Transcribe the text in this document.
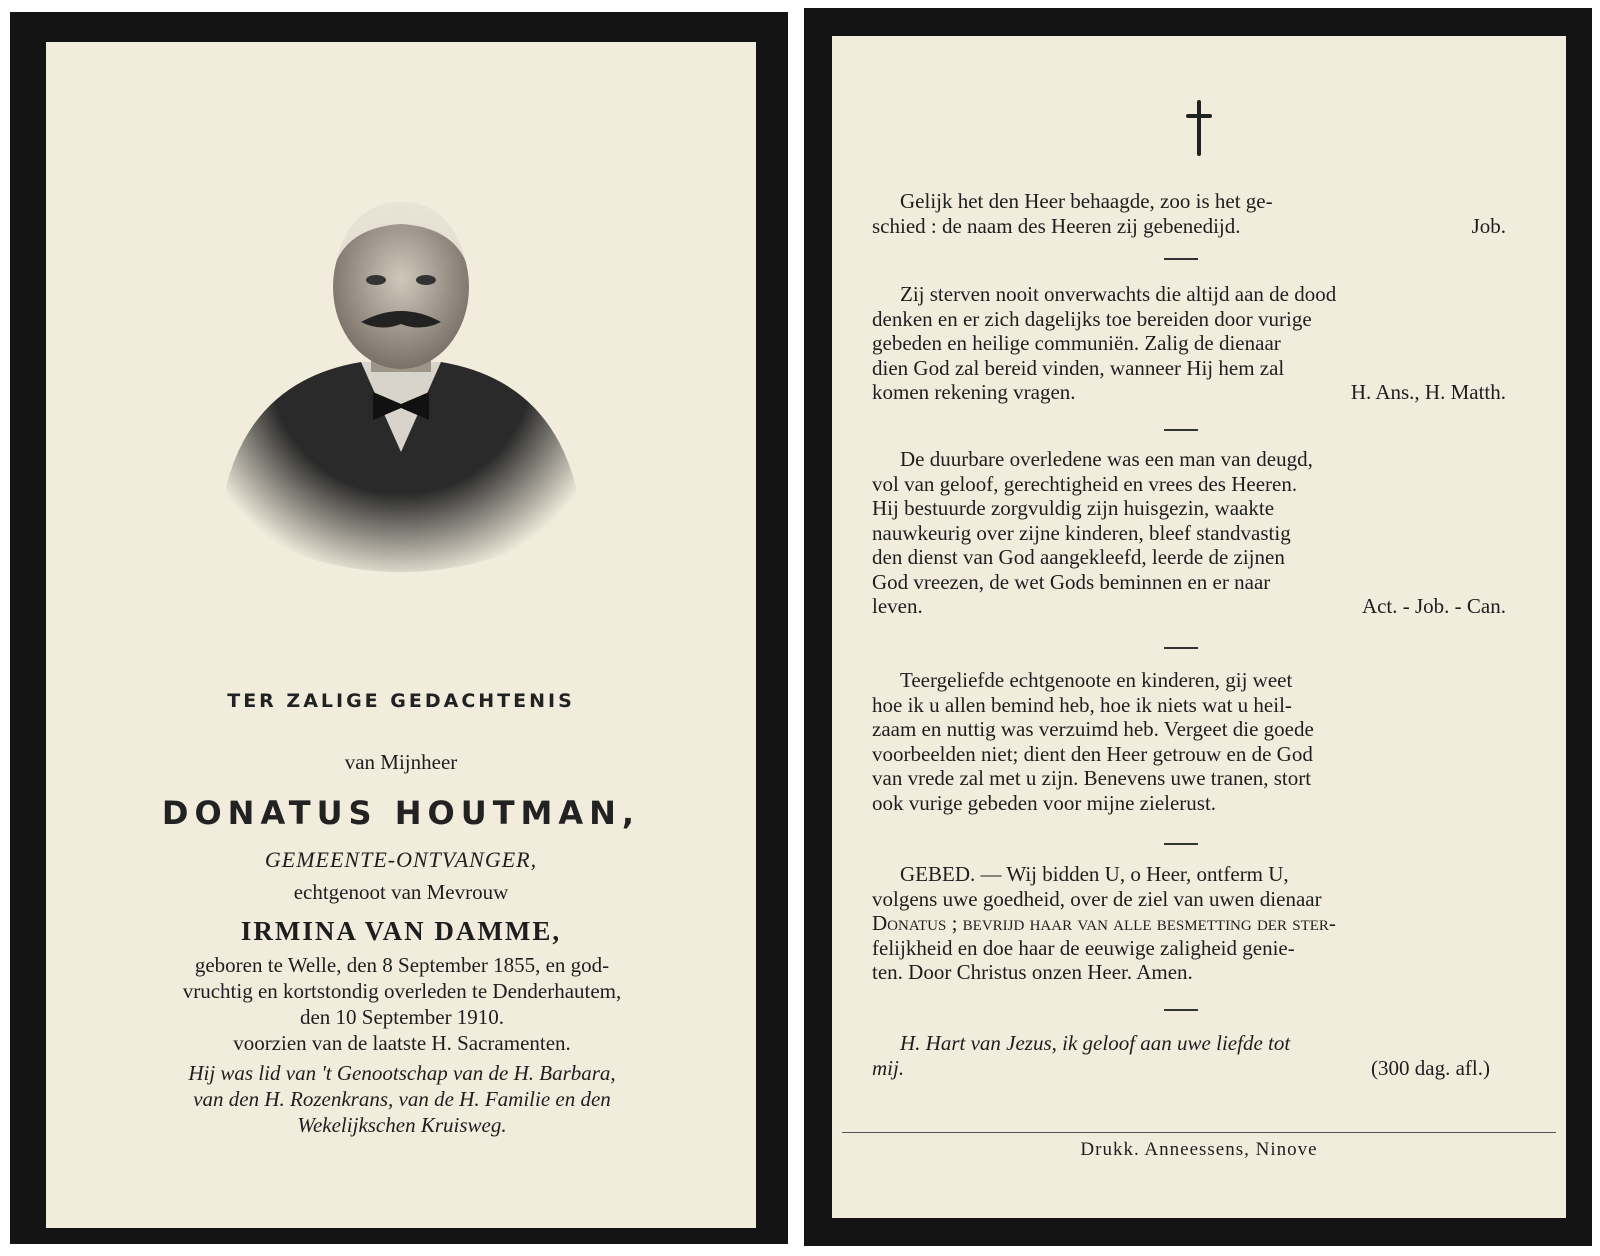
TER ZALIGE GEDACHTENIS
van Mijnheer
DONATUS HOUTMAN,
GEMEENTE-ONTVANGER,
echtgenoot van Mevrouw
IRMINA VAN DAMME,
geboren te Welle, den 8 September 1855, en god-
vruchtig en kortstondig overleden te Denderhautem,
den 10 September 1910.
voorzien van de laatste H. Sacramenten.
Hij was lid van 't Genootschap van de H. Barbara,
van den H. Rozenkrans, van de H. Familie en den
Wekelijkschen Kruisweg.
Gelijk het den Heer behaagde, zoo is het ge-
schied : de naam des Heeren zij gebenedijd.	Job.
Zij sterven nooit onverwachts die altijd aan de dood
denken en er zich dagelijks toe bereiden door vurige
gebeden en heilige communiën. Zalig de dienaar
dien God zal bereid vinden, wanneer Hij hem zal
komen rekening vragen.	H. Ans., H. Matth.
De duurbare overledene was een man van deugd,
vol van geloof, gerechtigheid en vrees des Heeren.
Hij bestuurde zorgvuldig zijn huisgezin, waakte
nauwkeurig over zijne kinderen, bleef standvastig
den dienst van God aangekleefd, leerde de zijnen
God vreezen, de wet Gods beminnen en er naar
leven.	Act. - Job. - Can.
Teergeliefde echtgenoote en kinderen, gij weet
hoe ik u allen bemind heb, hoe ik niets wat u heil-
zaam en nuttig was verzuimd heb. Vergeet die goede
voorbeelden niet; dient den Heer getrouw en de God
van vrede zal met u zijn. Benevens uwe tranen, stort
ook vurige gebeden voor mijne zielerust.
GEBED. — Wij bidden U, o Heer, ontferm U,
volgens uwe goedheid, over de ziel van uwen dienaar
Donatus ; bevrijd haar van alle besmetting der ster-
felijkheid en doe haar de eeuwige zaligheid genie-
ten. Door Christus onzen Heer. Amen.
H. Hart van Jezus, ik geloof aan uwe liefde tot
mij.	(300 dag. afl.)
Drukk. Anneessens, Ninove
